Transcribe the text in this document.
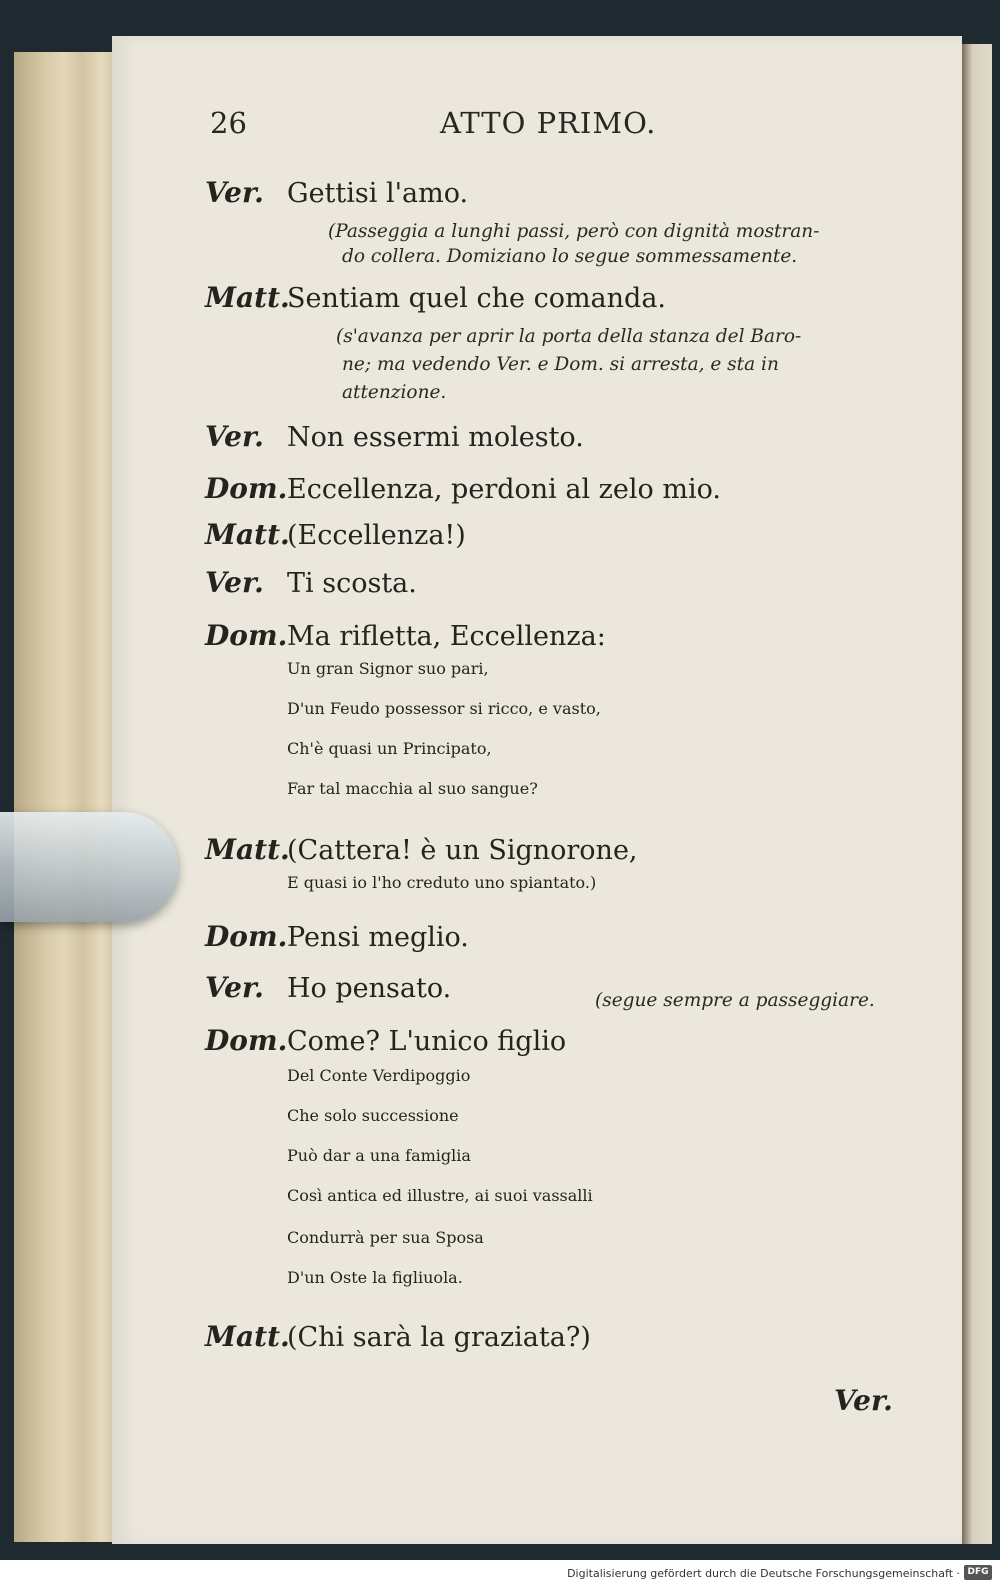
26	ATTO PRIMO.
Ver. Gettisi l'amo.
(Passeggia a lunghi passi, però con dignità mostran-
do collera. Domiziano lo segue sommessamente.
Matt.Sentiam quel che comanda.
(s'avanza per aprir la porta della stanza del Baro-
ne; ma vedendo Ver. e Dom. si arresta, e sta in
attenzione.
Ver. Non essermi molesto.
Dom.Eccellenza, perdoni al zelo mio.
Matt.(Eccellenza!)
Ver. Ti scosta.
Dom.Ma rifletta, Eccellenza:
Un gran Signor suo pari,
D'un Feudo possessor si ricco, e vasto,
Ch'è quasi un Principato,
Far tal macchia al suo sangue?
Matt.(Cattera! è un Signorone,
E quasi io l'ho creduto uno spiantato.)
Dom.Pensi meglio.
Ver. Ho pensato.	(segue sempre a passeggiare.
Dom.Come? L'unico figlio
Del Conte Verdipoggio
Che solo successione
Può dar a una famiglia
Così antica ed illustre, ai suoi vassalli
Condurrà per sua Sposa
D'un Oste la figliuola.
Matt.(Chi sarà la graziata?)
Ver.
Digitalisierung gefördert durch die Deutsche Forschungsgemeinschaft · DFG
